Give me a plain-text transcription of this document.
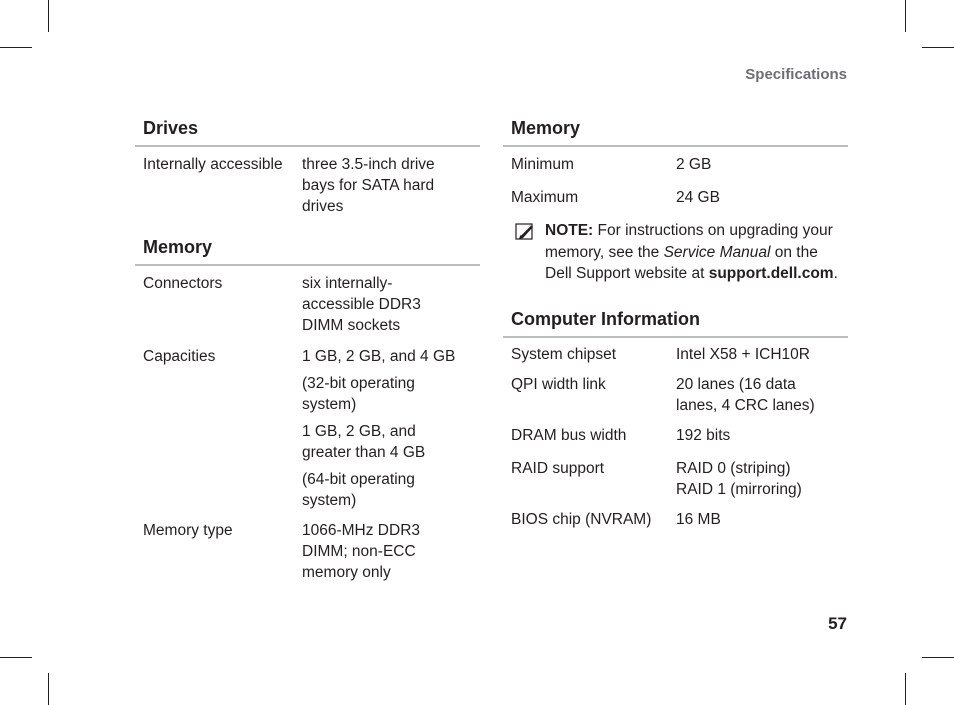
Specifications
Drives
Internally accessible	three 3.5-inch drive bays for SATA hard drives
Memory
Connectors	six internally-accessible DDR3 DIMM sockets
Capacities	1 GB, 2 GB, and 4 GB

(32-bit operating system)

1 GB, 2 GB, and greater than 4 GB

(64-bit operating system)

Memory type	1066-MHz DDR3 DIMM; non-ECC memory only
Memory
Minimum	2 GB
Maximum	24 GB
NOTE: For instructions on upgrading your memory, see the Service Manual on the Dell Support website at support.dell.com.
Computer Information
System chipset	Intel X58 + ICH10R
QPI width link	20 lanes (16 data lanes, 4 CRC lanes)
DRAM bus width	192 bits
RAID support	RAID 0 (striping)
RAID 1 (mirroring)
BIOS chip (NVRAM)	16 MB
57
